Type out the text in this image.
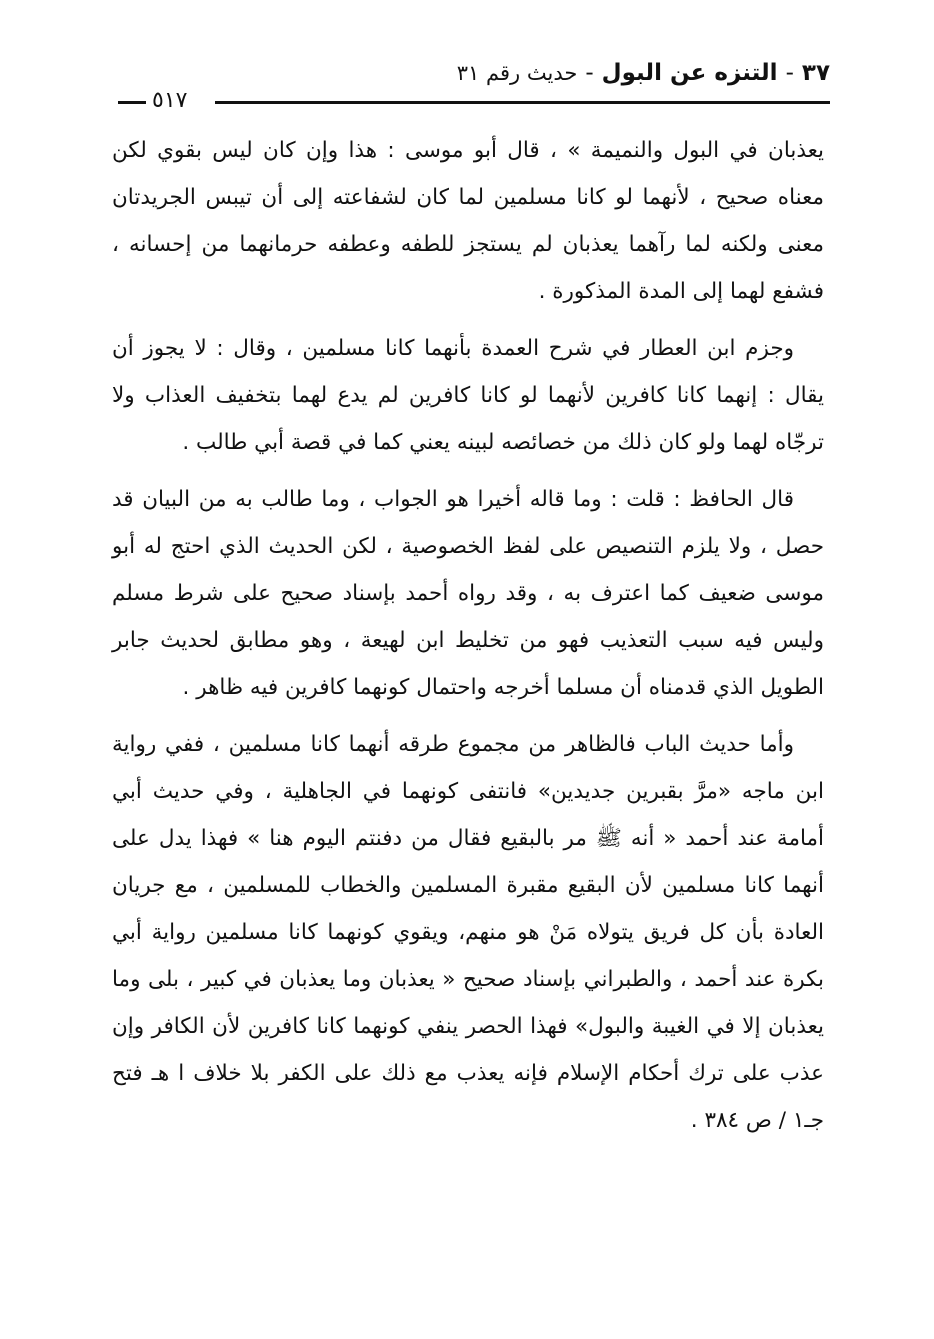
٣٧ - التنزه عن البول - حديث رقم ٣١
٥١٧

يعذبان في البول والنميمة » ، قال أبو موسى : هذا وإن كان ليس بقوي لكن معناه صحيح ، لأنهما لو كانا مسلمين لما كان لشفاعته إلى أن تيبس الجريدتان معنى ولكنه لما رآهما يعذبان لم يستجز للطفه وعطفه حرمانهما من إحسانه ، فشفع لهما إلى المدة المذكورة .

وجزم ابن العطار في شرح العمدة بأنهما كانا مسلمين ، وقال : لا يجوز أن يقال : إنهما كانا كافرين لأنهما لو كانا كافرين لم يدع لهما بتخفيف العذاب ولا ترجّاه لهما ولو كان ذلك من خصائصه لبينه يعني كما في قصة أبي طالب .

قال الحافظ : قلت : وما قاله أخيرا هو الجواب ، وما طالب به من البيان قد حصل ، ولا يلزم التنصيص على لفظ الخصوصية ، لكن الحديث الذي احتج له أبو موسى ضعيف كما اعترف به ، وقد رواه أحمد بإسناد صحيح على شرط مسلم وليس فيه سبب التعذيب فهو من تخليط ابن لهيعة ، وهو مطابق لحديث جابر الطويل الذي قدمناه أن مسلما أخرجه واحتمال كونهما كافرين فيه ظاهر .

وأما حديث الباب فالظاهر من مجموع طرقه أنهما كانا مسلمين ، ففي رواية ابن ماجه «مرَّ بقبرين جديدين» فانتفى كونهما في الجاهلية ، وفي حديث أبي أمامة عند أحمد « أنه ﷺ مر بالبقيع فقال من دفنتم اليوم هنا » فهذا يدل على أنهما كانا مسلمين لأن البقيع مقبرة المسلمين والخطاب للمسلمين ، مع جريان العادة بأن كل فريق يتولاه مَنْ هو منهم، ويقوي كونهما كانا مسلمين رواية أبي بكرة عند أحمد ، والطبراني بإسناد صحيح « يعذبان وما يعذبان في كبير ، بلى وما يعذبان إلا في الغيبة والبول» فهذا الحصر ينفي كونهما كانا كافرين لأن الكافر وإن عذب على ترك أحكام الإسلام فإنه يعذب مع ذلك على الكفر بلا خلاف ا هـ فتح جـ١ / ص ٣٨٤ .
